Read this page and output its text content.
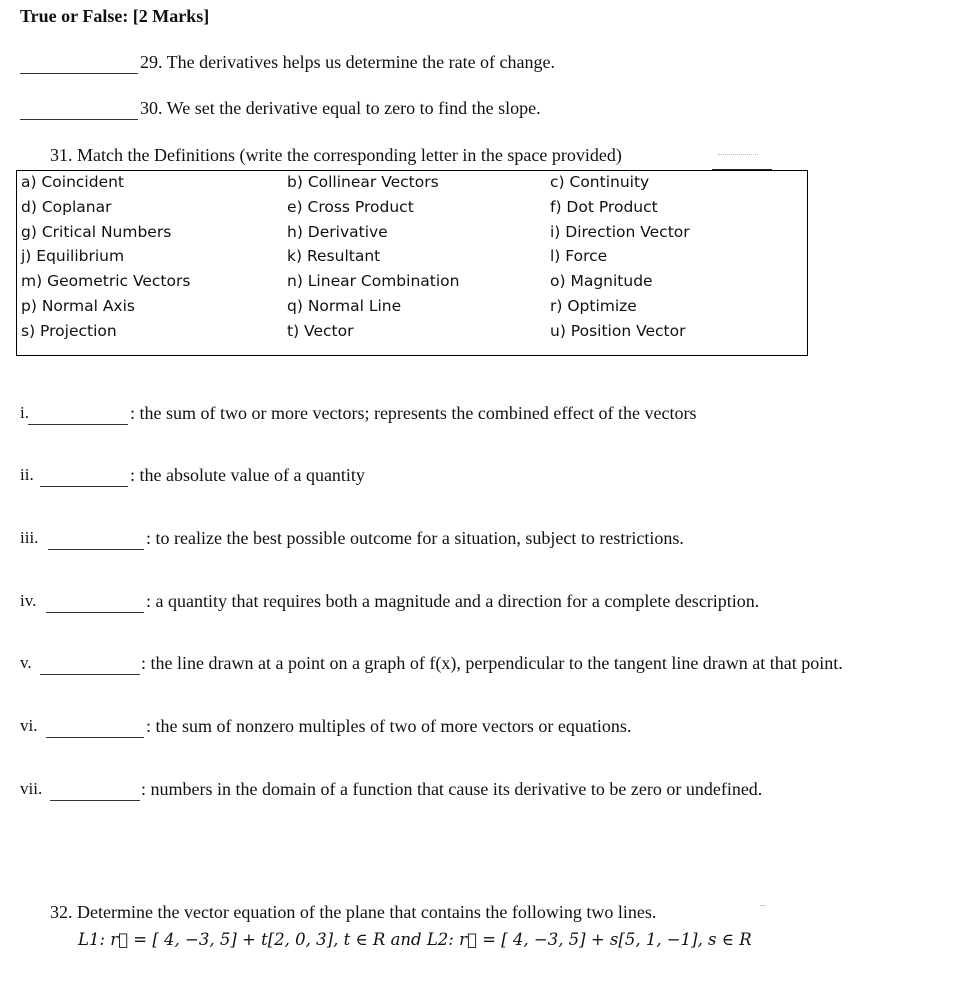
True or False: [2 Marks]
29. The derivatives helps us determine the rate of change.
30. We set the derivative equal to zero to find the slope.
31. Match the Definitions (write the corresponding letter in the space provided)
a) Coincident	b) Collinear Vectors	c) Continuity
d) Coplanar	e) Cross Product	f) Dot Product
g) Critical Numbers	h) Derivative	i) Direction Vector
j) Equilibrium	k) Resultant	l) Force
m) Geometric Vectors	n) Linear Combination	o) Magnitude
p) Normal Axis	q) Normal Line	r) Optimize
s) Projection	t) Vector	u) Position Vector
i.	: the sum of two or more vectors; represents the combined effect of the vectors
ii.	: the absolute value of a quantity
iii.	: to realize the best possible outcome for a situation, subject to restrictions.
iv.	: a quantity that requires both a magnitude and a direction for a complete description.
v.	: the line drawn at a point on a graph of f(x), perpendicular to the tangent line drawn at that point.
vi.	: the sum of nonzero multiples of two of more vectors or equations.
vii.	: numbers in the domain of a function that cause its derivative to be zero or undefined.
32. Determine the vector equation of the plane that contains the following two lines.
L1: r⃗ = [ 4, −3, 5] + t[2, 0, 3], t ∈ R and L2: r⃗ = [ 4, −3, 5] + s[5, 1, −1], s ∈ R
